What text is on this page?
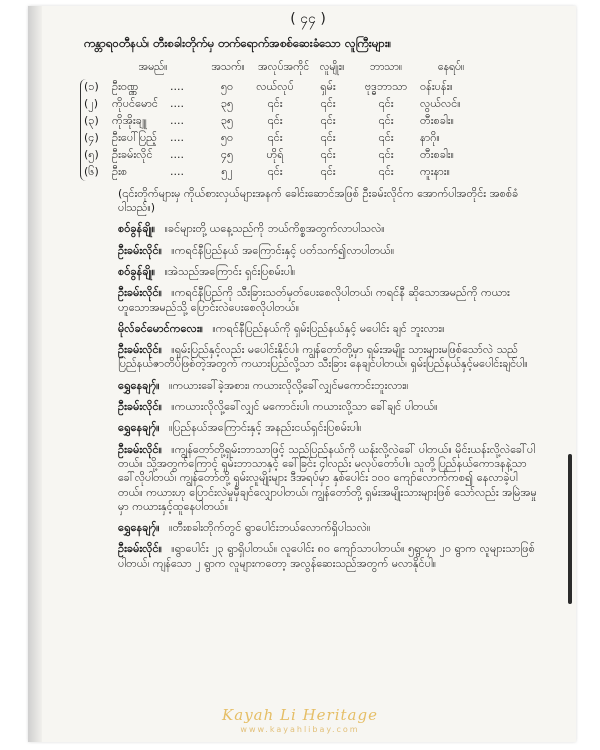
( ၄၄ )
ကန္တာရဝတီနယ်၊ တီးစခါးတိုက်မှ တက်ရောက်အစစ်ဆေးခံသော လူကြီးများ။
အမည်။	အသက်။	အလုပ်အကိုင် လူမျိုး။	ဘာသာ။	နေရပ်။
(၁)	ဦးဝဏ္ဏ	....	၅၀	လယ်လုပ်	ရှမ်း	ဗုဒ္ဓဘာသာ	ဝန်းပန်း။
(၂)	ကိုပင်မောင်	....	၃၅	၎င်း	၎င်း	၎င်း	လွယ်လင်။
(၃)	ကိုအိုးချူ	....	၃၅	၎င်း	၎င်း	၎င်း	တီးစခါး။
(၄)	ဦးပေါ်ပြည့်	....	၅၀	၎င်း	၎င်း	၎င်း	နာဂို။
(၅)	ဦးခမ်းလိုင်	....	၄၅	ဟိုရ်	၎င်း	၎င်း	တီးစခါး။
(၆)	ဦးစ	....	၅၂	၎င်း	၎င်း	၎င်း	ကူးနား။
(၎င်းတိုက်များမှ ကိုယ်စားလှယ်များအနက် ခေါင်းဆောင်အဖြစ် ဦးခမ်းလိုင်က အောက်ပါအတိုင်း အစစ်ခံပါသည်။)
စဝ်ခွန်ချို။ ။ခင်များတို့ ယနေ့သည်ကို ဘယ်ကိစ္စအတွက်လာပါသလဲ။
ဦးခမ်းလိုင်။ ။ကရင်နီပြည်နယ် အကြောင်းနှင့် ပတ်သက်၍လာပါတယ်။
စဝ်ခွန်ချို။ ။အဲသည်အကြောင်း ရှင်းပြစမ်းပါ။
ဦးခမ်းလိုင်။ ။ကရင်နီပြည်ကို သီးခြားသတ်မှတ်ပေးစေလိုပါတယ်၊ ကရင်နီ ဆိုသောအမည်ကို ကယားဟူသောအမည်သို့ ပြောင်းလဲပေးစေလိုပါတယ်။
မိုလ်ခင်မောင်ကလေး။ ။ကရင်နီပြည်နယ်ကို ရှမ်းပြည်နယ်နှင့် မပေါင်း ချင် ဘူးလား။
ဦးခမ်းလိုင်။ ။ရှမ်းပြည်နှင့်လည်း မပေါင်းနိုင်ပါ၊ ကျွန်တော်တို့မှာ ရှမ်းအမျိုး သားများမဖြစ်သော်လဲ သည်ပြည်နယ်ဇာတိပ်ဖြစ်တဲ့အတွက် ကယားပြည်လို့သာ သီးခြား နေချင်ပါတယ်၊ ရှမ်းပြည်နယ်နှင့်မပေါင်းချင်ပါ။
ရွှေနေချ၇်။ ။ကယားခေါ်ခဲ့အစား၊ ကယားလိုလို့ခေါ်လျှင်မကောင်းဘူးလား။
ဦးခမ်းလိုင်။ ။ကယားလိုလို့ခေါ်လျှင် မကောင်းပါ၊ ကယားလို့သာ ခေါ်ချင် ပါတယ်။
ရွှေနေချ၇်။ ။ပြည်နယ်အကြောင်းနှင့် အနည်းငယ်ရှင်းပြစမ်းပါ။
ဦးခမ်းလိုင်။ ။ကျွန်တော်တို့ရှမ်းဘာသာဖြင့် သည်ပြည်နယ်ကို ယန်းလို့လဲခေါ် ပါတယ်။ မိုင်းယန်းလို့လဲခေါ်ပါတယ်။ သို့အတွက်ကြောင့် ရှမ်းဘာသာနှင့် ခေါ်ခြင်း ၄ါလည်း မလုပ်တော်ပါ။ သူတို့ပြည်နယ်ကောဒနနဲ့သာ ခေါ်လိုပါတယ်၊ ကျွန်တော်တို့ ရှမ်းလူမျိုးများ ဒီအရပ်မှာ နှစ်ပေါင်း ၁၀၀ ကျော်လောက်ကစ၍ နေလာခဲ့ပါတယ်။ ကယားဟု ပြောင်းလဲမှုမှီချင်လျှောပါတယ်၊ ကျွန်တော်တို့ ရှမ်းအမျိုးသားများဖြစ် သော်လည်း အမြဲအမှုမှာ ကယားနှင့်ထူနေပါတယ်။
ရွှေနေချ၇်။ ။တီးစခါးတိုက်တွင် ရွာပေါင်းဘယ်လောက်ရှိပါသလဲ။
ဦးခမ်းလိုင်။ ။ရွာပေါင်း ၂၃ ရွာရှိပါတယ်။ လူပေါင်း ၈၀ ကျော်သာပါတယ်။ ၅ရွာမှာ ၂၀ ရွာက လူများသာဖြစ်ပါတယ်၊ ကျန်သော ၂ ရွာက လူများကတော့ အလွန်ဆေးသည်အတွက် မလာနိုင်ပါ။
Kayah Li Heritage
www.kayahlibay.com
